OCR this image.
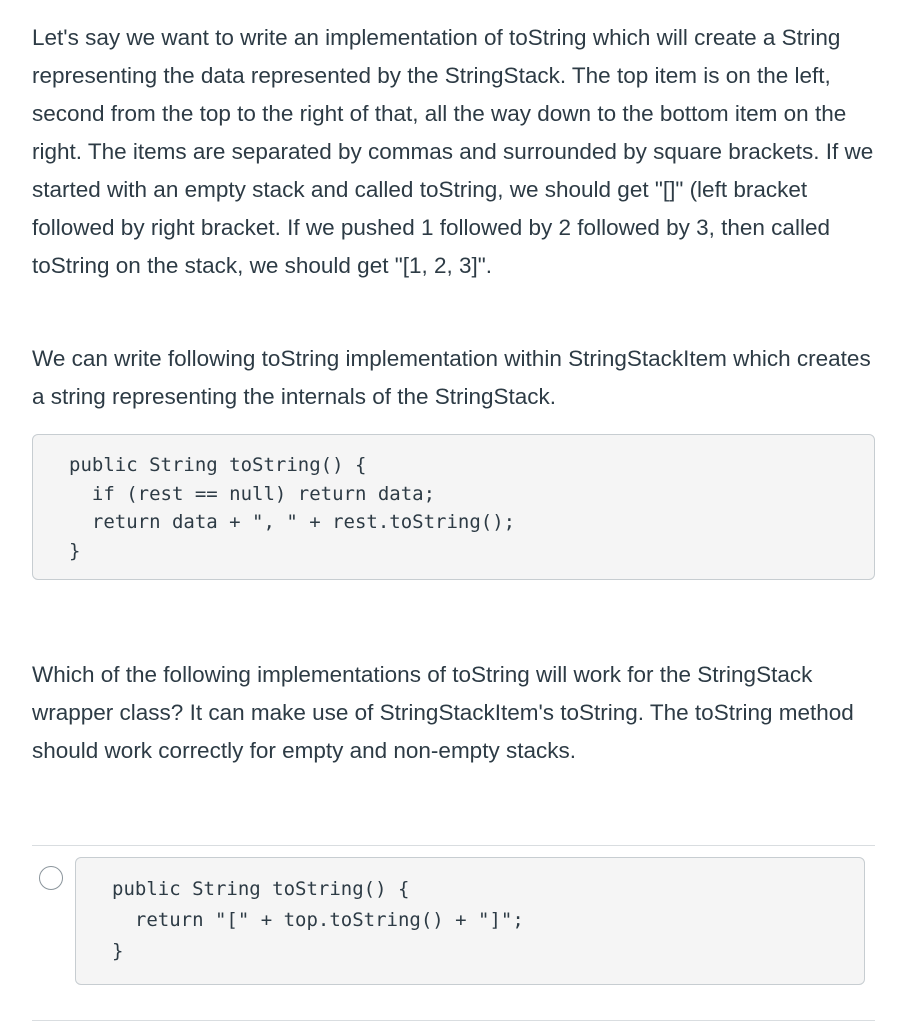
Let's say we want to write an implementation of toString which will create a String representing the data represented by the StringStack. The top item is on the left, second from the top to the right of that, all the way down to the bottom item on the right. The items are separated by commas and surrounded by square brackets. If we started with an empty stack and called toString, we should get "[]" (left bracket followed by right bracket. If we pushed 1 followed by 2 followed by 3, then called toString on the stack, we should get "[1, 2, 3]".

We can write following toString implementation within StringStackItem which creates a string representing the internals of the StringStack.

public String toString() {
if (rest == null) return data;
return data + ", " + rest.toString();
}

Which of the following implementations of toString will work for the StringStack wrapper class? It can make use of StringStackItem's toString. The toString method should work correctly for empty and non-empty stacks.

public String toString() {
return "[" + top.toString() + "]";
}
